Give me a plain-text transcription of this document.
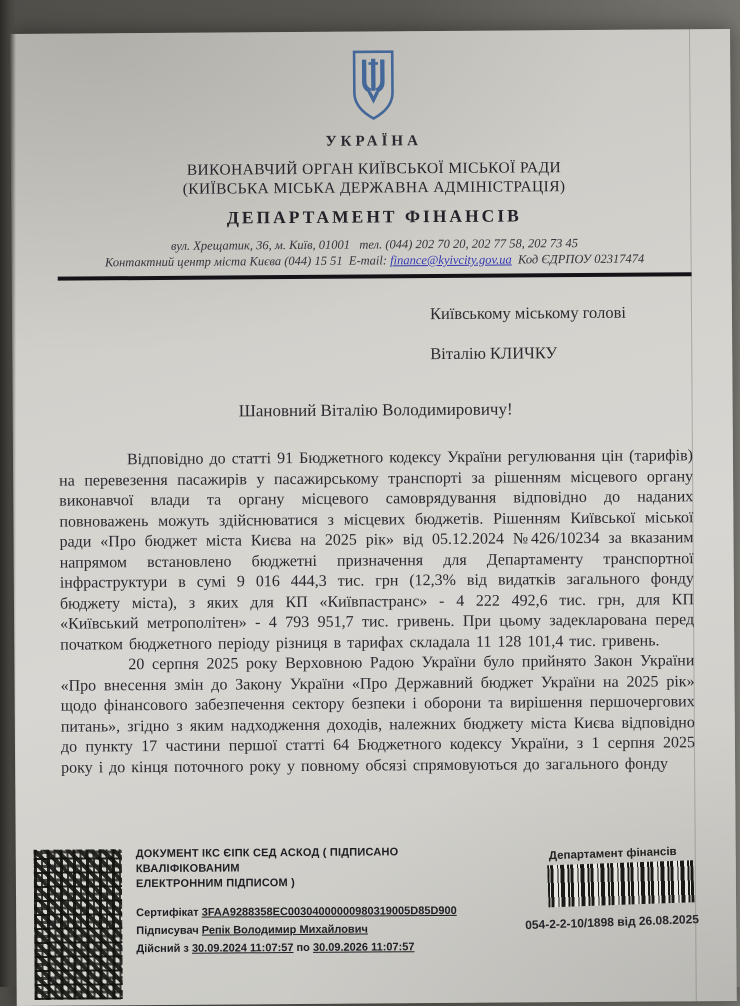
УКРАЇНА
ВИКОНАВЧИЙ ОРГАН КИЇВСЬКОЇ МІСЬКОЇ РАДИ
(КИЇВСЬКА МІСЬКА ДЕРЖАВНА АДМІНІСТРАЦІЯ)
ДЕПАРТАМЕНТ ФІНАНСІВ
вул. Хрещатик, 36, м. Київ, 01001   тел. (044) 202 70 20, 202 77 58, 202 73 45
Контактний центр міста Києва (044) 15 51  E-mail: finance@kyivcity.gov.ua  Код ЄДРПОУ 02317474
Київському міському голові
Віталію КЛИЧКУ
Шановний Віталію Володимировичу!

Відповідно до статті 91 Бюджетного кодексу України регулювання цін (тарифів) на перевезення пасажирів у пасажирському транспорті за рішенням місцевого органу виконавчої влади та органу місцевого самоврядування відповідно до наданих повноважень можуть здійснюватися з місцевих бюджетів. Рішенням Київської міської ради «Про бюджет міста Києва на 2025 рік» від 05.12.2024 №426/10234 за вказаним напрямом встановлено бюджетні призначення для Департаменту транспортної інфраструктури в сумі 9 016 444,3 тис. грн (12,3% від видатків загального фонду бюджету міста), з яких для КП «Київпастранс» - 4 222 492,6 тис. грн, для КП «Київський метрополітен» - 4 793 951,7 тис. гривень. При цьому задекларована перед початком бюджетного періоду різниця в тарифах складала 11 128 101,4 тис. гривень.

20 серпня 2025 року Верховною Радою України було прийнято Закон України «Про внесення змін до Закону України «Про Державний бюджет України на 2025 рік» щодо фінансового забезпечення сектору безпеки і оборони та вирішення першочергових питань», згідно з яким надходження доходів, належних бюджету міста Києва відповідно до пункту 17 частини першої статті 64 Бюджетного кодексу України, з 1 серпня 2025 року і до кінця поточного року у повному обсязі спрямовуються до загального фонду

ДОКУМЕНТ ІКС ЄІПК СЕД АСКОД ( ПІДПИСАНО КВАЛІФІКОВАНИМ
ЕЛЕКТРОННИМ ПІДПИСОМ )
Сертифікат 3FAA9288358EC00304000000980319005D85D900
Підписувач Репік Володимир Михайлович
Дійсний з 30.09.2024 11:07:57 по 30.09.2026 11:07:57
Департамент фінансів
054-2-2-10/1898 від 26.08.2025
